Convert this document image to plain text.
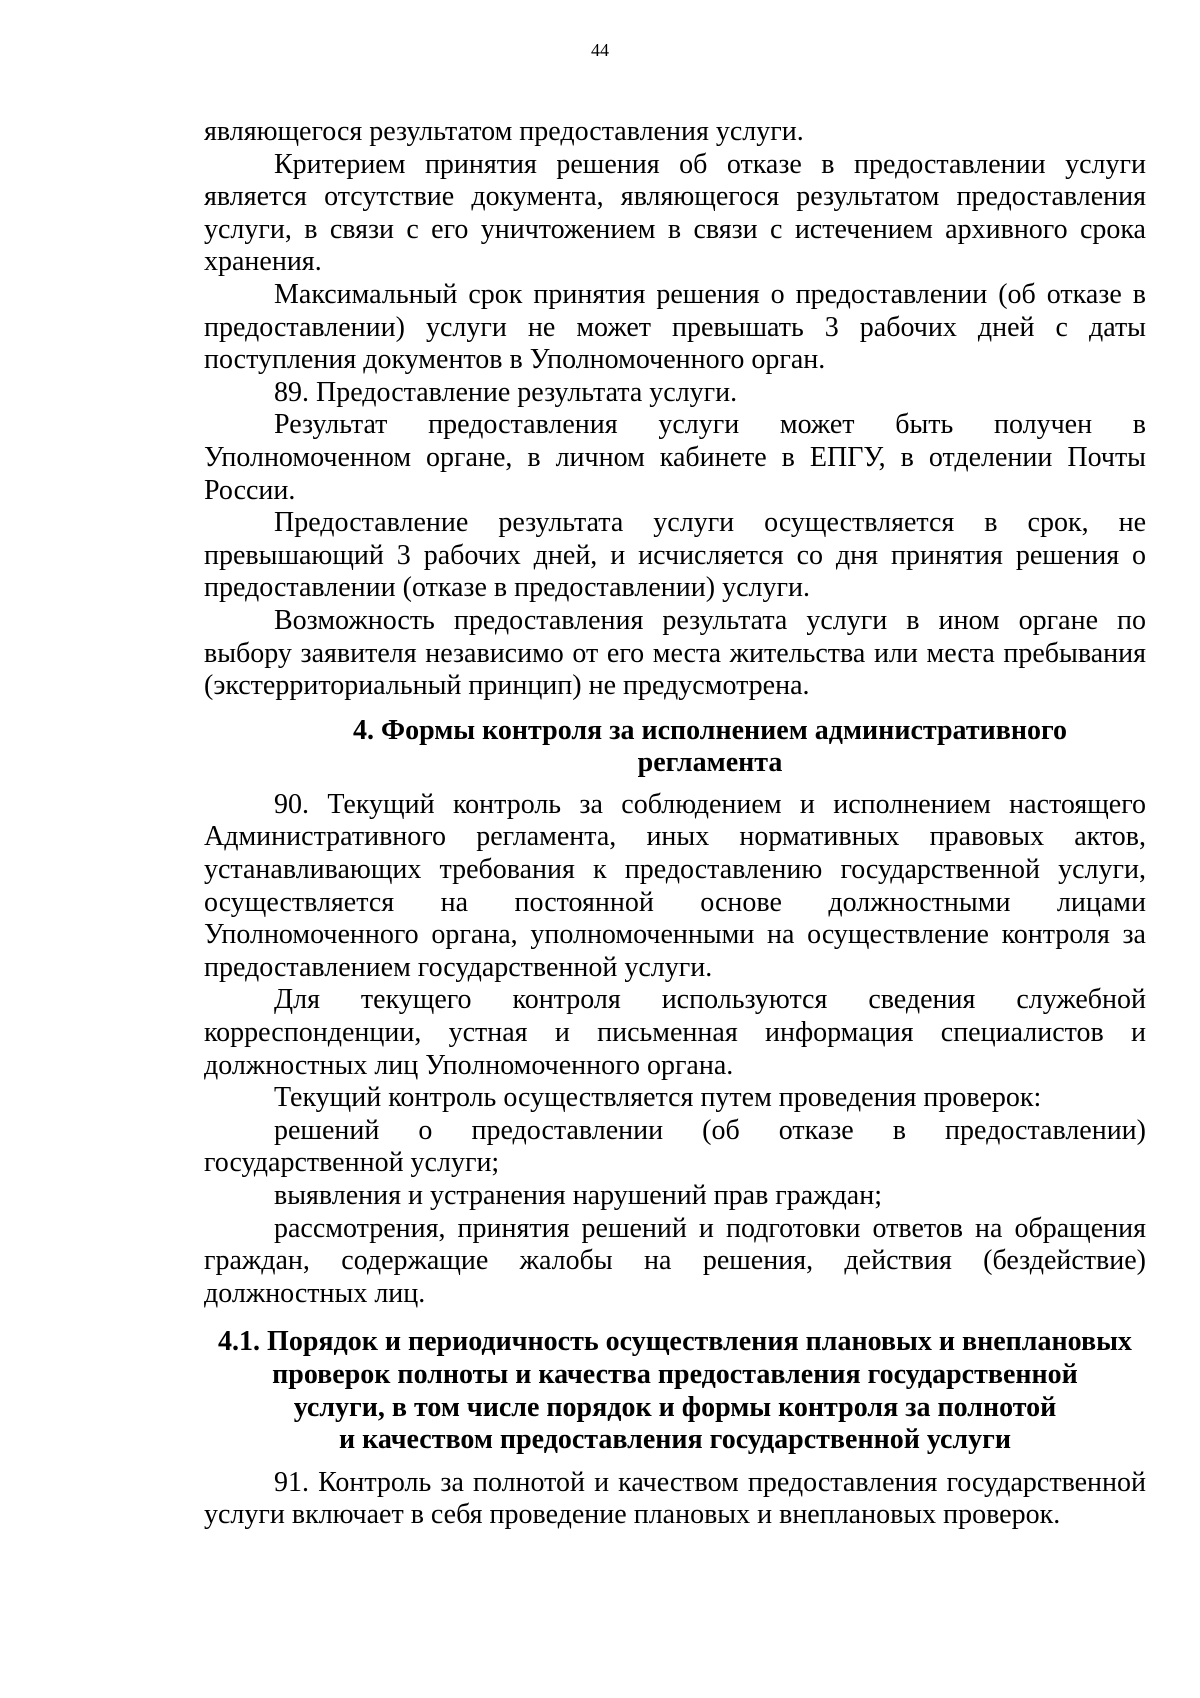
44

являющегося результатом предоставления услуги.

Критерием принятия решения об отказе в предоставлении услуги является отсутствие документа, являющегося результатом предоставления услуги, в связи с его уничтожением в связи с истечением архивного срока хранения.

Максимальный срок принятия решения о предоставлении (об отказе в предоставлении) услуги не может превышать 3 рабочих дней с даты поступления документов в Уполномоченного орган.

89. Предоставление результата услуги.

Результат предоставления услуги может быть получен в Уполномоченном органе, в личном кабинете в ЕПГУ, в отделении Почты России.

Предоставление результата услуги осуществляется в срок, не превышающий 3 рабочих дней, и исчисляется со дня принятия решения о предоставлении (отказе в предоставлении) услуги.

Возможность предоставления результата услуги в ином органе по выбору заявителя независимо от его места жительства или места пребывания (экстерриториальный принцип) не предусмотрена.

4. Формы контроля за исполнением административного
регламента

90. Текущий контроль за соблюдением и исполнением настоящего Административного регламента, иных нормативных правовых актов, устанавливающих требования к предоставлению государственной услуги, осуществляется на постоянной основе должностными лицами Уполномоченного органа, уполномоченными на осуществление контроля за предоставлением государственной услуги.

Для текущего контроля используются сведения служебной корреспонденции, устная и письменная информация специалистов и должностных лиц Уполномоченного органа.

Текущий контроль осуществляется путем проведения проверок:

решений о предоставлении (об отказе в предоставлении) государственной услуги;

выявления и устранения нарушений прав граждан;

рассмотрения, принятия решений и подготовки ответов на обращения граждан, содержащие жалобы на решения, действия (бездействие) должностных лиц.

4.1. Порядок и периодичность осуществления плановых и внеплановых
проверок полноты и качества предоставления государственной
услуги, в том числе порядок и формы контроля за полнотой
и качеством предоставления государственной услуги

91. Контроль за полнотой и качеством предоставления государственной услуги включает в себя проведение плановых и внеплановых проверок.
